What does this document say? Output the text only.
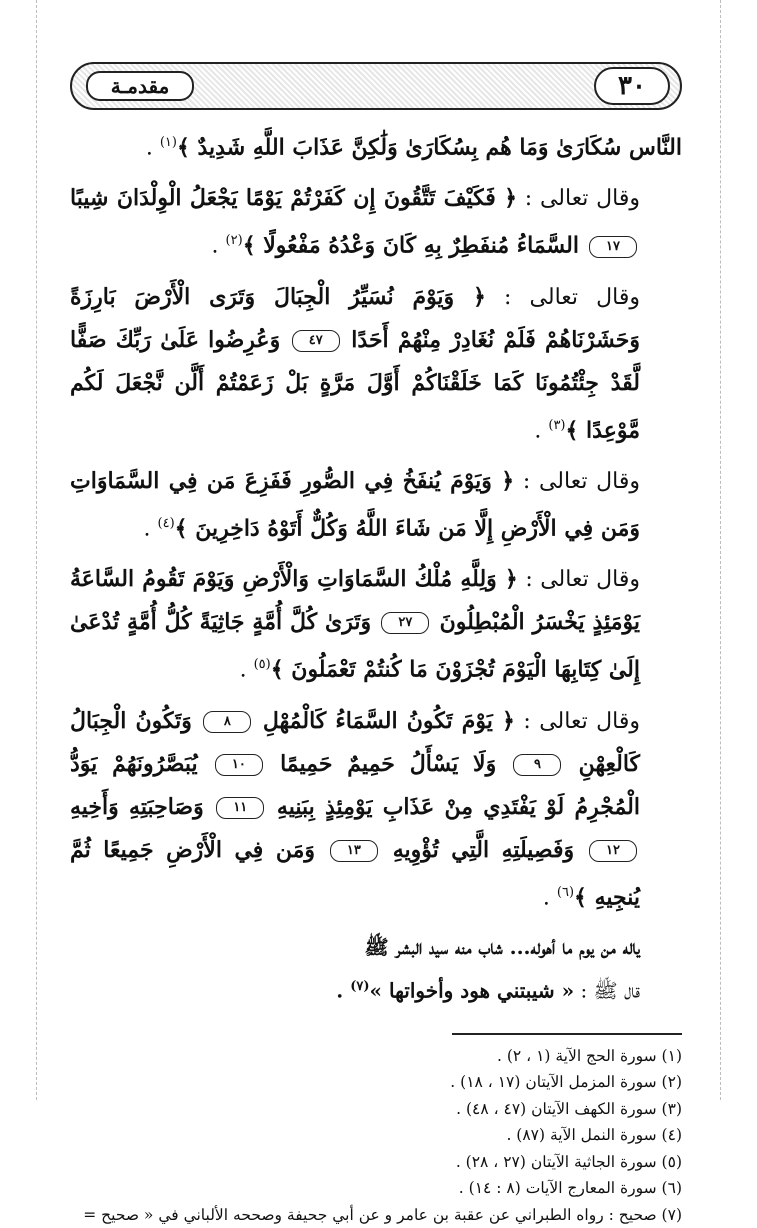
٣٠
مقدمـة

النَّاس سُكَارَىٰ وَمَا هُم بِسُكَارَىٰ وَلَٰكِنَّ عَذَابَ اللَّهِ شَدِيدٌ ﴾$^{(١)}$ .

وقال تعالى : ﴿ فَكَيْفَ تَتَّقُونَ إِن كَفَرْتُمْ يَوْمًا يَجْعَلُ الْوِلْدَانَ شِيبًا ١٧ السَّمَاءُ مُنفَطِرٌ بِهِ كَانَ وَعْدُهُ مَفْعُولًا ﴾$^{(٢)}$ .

وقال تعالى : ﴿ وَيَوْمَ نُسَيِّرُ الْجِبَالَ وَتَرَى الْأَرْضَ بَارِزَةً وَحَشَرْنَاهُمْ فَلَمْ نُغَادِرْ مِنْهُمْ أَحَدًا ٤٧ وَعُرِضُوا عَلَىٰ رَبِّكَ صَفًّا لَّقَدْ جِئْتُمُونَا كَمَا خَلَقْنَاكُمْ أَوَّلَ مَرَّةٍ بَلْ زَعَمْتُمْ أَلَّن نَّجْعَلَ لَكُم مَّوْعِدًا ﴾$^{(٣)}$ .

وقال تعالى : ﴿ وَيَوْمَ يُنفَخُ فِي الصُّورِ فَفَزِعَ مَن فِي السَّمَاوَاتِ وَمَن فِي الْأَرْضِ إِلَّا مَن شَاءَ اللَّهُ وَكُلٌّ أَتَوْهُ دَاخِرِينَ ﴾$^{(٤)}$ .

وقال تعالى : ﴿ وَلِلَّهِ مُلْكُ السَّمَاوَاتِ وَالْأَرْضِ وَيَوْمَ تَقُومُ السَّاعَةُ يَوْمَئِذٍ يَخْسَرُ الْمُبْطِلُونَ ٢٧ وَتَرَىٰ كُلَّ أُمَّةٍ جَاثِيَةً كُلُّ أُمَّةٍ تُدْعَىٰ إِلَىٰ كِتَابِهَا الْيَوْمَ تُجْزَوْنَ مَا كُنتُمْ تَعْمَلُونَ ﴾$^{(٥)}$ .

وقال تعالى : ﴿ يَوْمَ تَكُونُ السَّمَاءُ كَالْمُهْلِ ٨ وَتَكُونُ الْجِبَالُ كَالْعِهْنِ ٩ وَلَا يَسْأَلُ حَمِيمٌ حَمِيمًا ١٠ يُبَصَّرُونَهُمْ يَوَدُّ الْمُجْرِمُ لَوْ يَفْتَدِي مِنْ عَذَابِ يَوْمِئِذٍ بِبَنِيهِ ١١ وَصَاحِبَتِهِ وَأَخِيهِ ١٢ وَفَصِيلَتِهِ الَّتِي تُؤْوِيهِ ١٣ وَمَن فِي الْأَرْضِ جَمِيعًا ثُمَّ يُنجِيهِ ﴾$^{(٦)}$ .

ياله من يوم ما أهوله... شاب منه سيد البشر ﷺ
قال ﷺ : « شيبتني هود وأخواتها »$^{(٧)}$ .
(١) سورة الحج الآية (١ ، ٢) .
(٢) سورة المزمل الآيتان (١٧ ، ١٨) .
(٣) سورة الكهف الآيتان (٤٧ ، ٤٨) .
(٤) سورة النمل الآية (٨٧) .
(٥) سورة الجاثية الآيتان (٢٧ ، ٢٨) .
(٦) سورة المعارج الآيات (٨ : ١٤) .
(٧) صحيح : رواه الطبراني عن عقبة بن عامر و عن أبي جحيفة وصححه الألباني في « صحيح =
